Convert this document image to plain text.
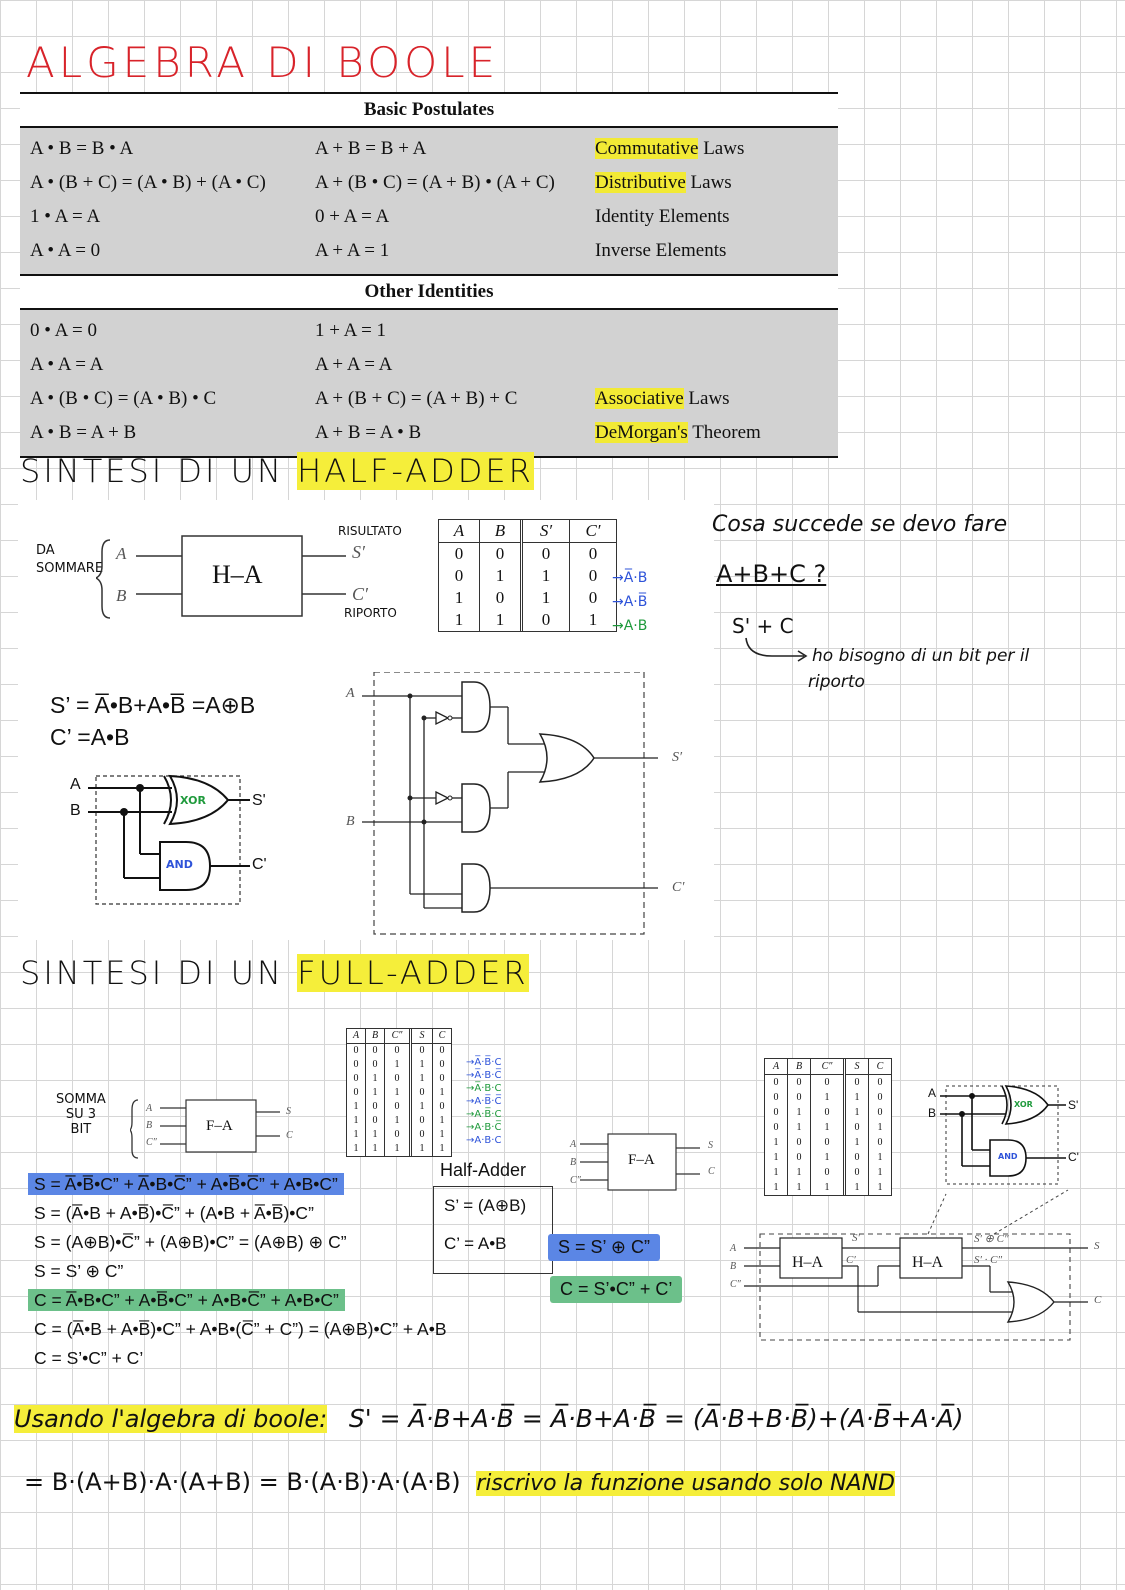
ALGEBRA DI BOOLE
Basic Postulates
A • B = B • A	A + B = B + A	Commutative Laws
A • (B + C) = (A • B) + (A • C)	A + (B • C) = (A + B) • (A + C)	Distributive Laws
1 • A = A	0 + A = A	Identity Elements
A • A = 0	A + A = 1	Inverse Elements
Other Identities
0 • A = 0	1 + A = 1
A • A = A	A + A = A
A • (B • C) = (A • B) • C	A + (B + C) = (A + B) + C	Associative Laws
A • B = A + B	A + B = A • B	DeMorgan's Theorem
SINTESI DI UN HALF-ADDER
DA SOMMARE
A
B
H–A
RISULTATO
S′
C′
RIPORTO
A	B	S′	C′
0	0	0	0
0	1	1	0
1	0	1	0
1	1	0	1
→A̅·B
→A·B̅
→A·B
Cosa succede se devo fare
A+B+C ?
S' + C
ho bisogno di un bit per il
riporto
S’ = A̅•B+A•B̅ =A⊕B
C’ =A•B
A
B
XOR
AND
S'
C'
A
B
S′
C′
SINTESI DI UN FULL-ADDER
SOMMA
SU 3
BIT
A
B
C″
F–A
S
C
A	B	C″	S	C
0	0	0	0	0
0	0	1	1	0
0	1	0	1	0
0	1	1	0	1
1	0	0	1	0
1	0	1	0	1
1	1	0	0	1
1	1	1	1	1
→A̅·B̅·C
→A̅·B·C̅
→A̅·B·C
→A·B̅·C̅
→A·B̅·C
→A·B·C̅
→A·B·C
S = A̅•B̅•C” + A̅•B•C̅” + A•B̅•C̅” + A•B•C”
S = (A̅•B + A•B̅)•C̅” + (A•B + A̅•B̅)•C”
S = (A⊕B)•C̅” + (A⊕B)•C” = (A⊕B) ⊕ C”
S = S’ ⊕ C”
C = A̅•B•C” + A•B̅•C” + A•B•C̅” + A•B•C”
C = (A̅•B + A•B̅)•C” + A•B•(C̅” + C”) = (A⊕B)•C” + A•B
C = S’•C” + C’
Half-Adder
S’ = (A⊕B)
C’ = A•B	S = S’ ⊕ C”
C = S’•C” + C’
A
B
C″
F–A
S
C
A	B	C″	S	C
0	0	0	0	0
0	0	1	1	0
0	1	0	1	0
0	1	1	0	1
1	0	0	1	0
1	0	1	0	1
1	1	0	0	1
1	1	1	1	1
A
B
XOR
AND
S'
C'
A
B
C″
H–A	H–A
S′
C′
S′ ⊕ C″
S′ · C″
S
C
Usando l'algebra di boole: S' = A̅·B+A·B̅ = A̅·B+A·B̅ = (A̅·B+B·B̅)+(A·B̅+A·A̅)
= B·(A+B)·A·(A+B) = B·(A·B)·A·(A·B) riscrivo la funzione usando solo NAND
